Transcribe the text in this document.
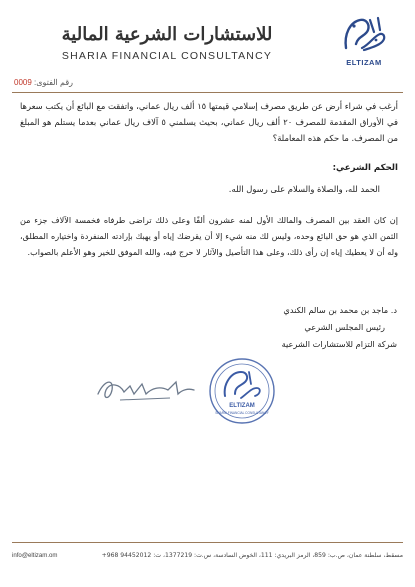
للاستشارات الشرعية المالية
SHARIA FINANCIAL CONSULTANCY
ELTIZAM
رقم الفتوى: 0009
أرغب في شراء أرض عن طريق مصرف إسلامي قيمتها ١٥ ألف ريال عماني، واتفقت مع البائع أن يكتب سعرها في الأوراق المقدمة للمصرف ٢٠ ألف ريال عماني، بحيث يسلمني ٥ آلاف ريال عماني بعدما يستلم هو المبلغ من المصرف. ما حكم هذه المعاملة؟
الحكم الشرعي:
الحمد لله، والصلاة والسلام على رسول الله.
إن كان العقد بين المصرف والمالك الأول لمنه عشرون ألفًا وعلى ذلك تراضى طرفاه فخمسة الآلاف جزء من الثمن الذي هو حق البائع وحده، وليس لك منه شيء إلا أن يقرضك إياه أو يهبك بإرادته المنفردة واختياره المطلق، وله أن لا يعطيك إياه إن رأى ذلك، وعلى هذا التأصيل والآثار لا حرج فيه، والله الموفق للخير وهو الأعلم بالصواب.
د. ماجد بن محمد بن سالم الكندي
رئيس المجلس الشرعي
شركة التزام للاستشارات الشرعية
ELTIZAM
SHARIA FINANCIAL CONSULTANCY
info@eltizam.om	مسقط، سلطنة عمان، ص.ب: 859، الرمز البريدي: 111، الخوض السادسة، س.ت: 1377219، ت: 94452012 968+
